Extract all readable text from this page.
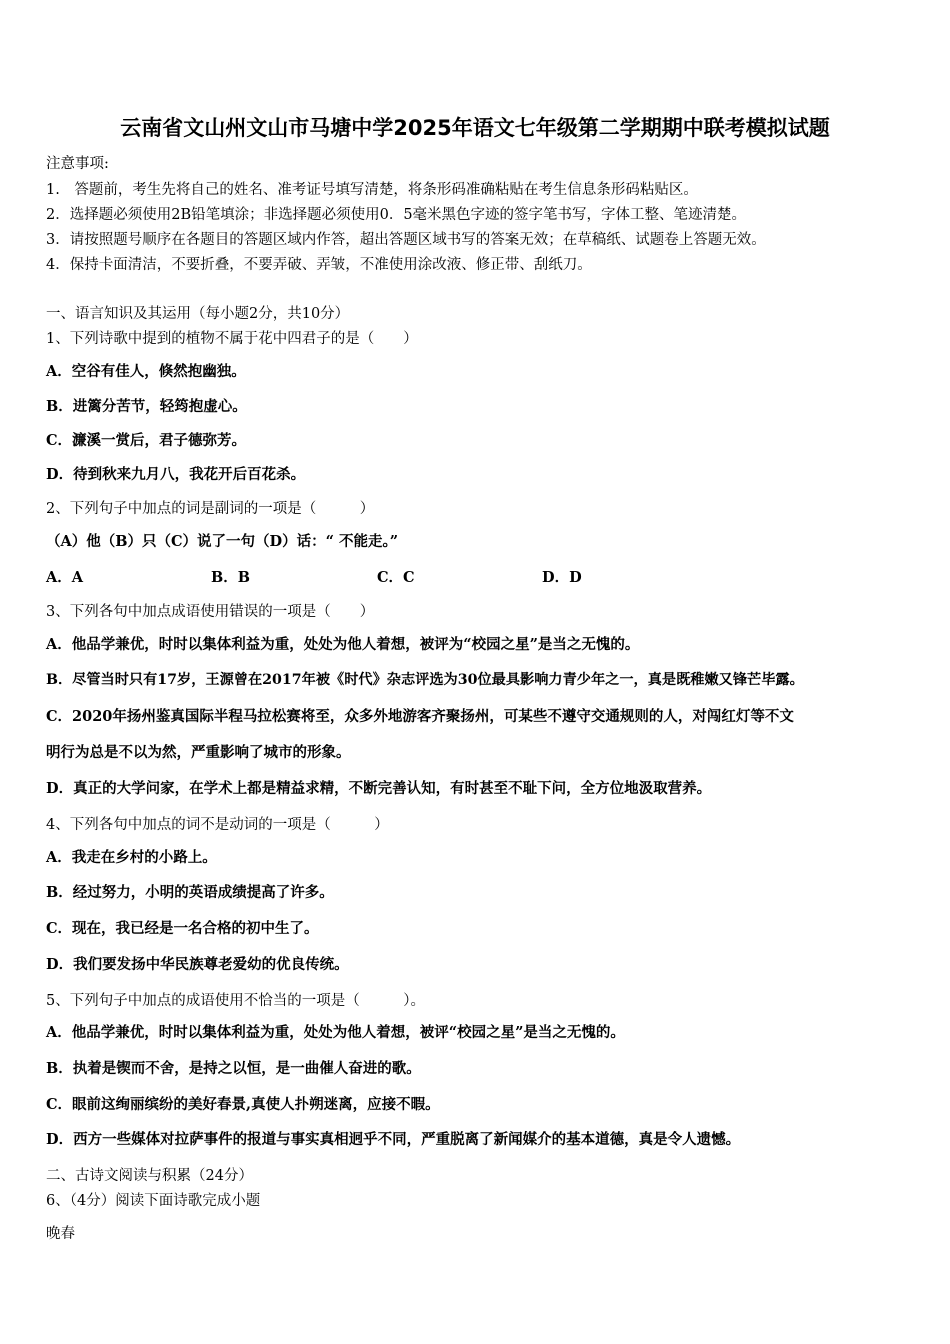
云南省文山州文山市马塘中学2025年语文七年级第二学期期中联考模拟试题
注意事项:
1.　答题前，考生先将自己的姓名、准考证号填写清楚，将条形码准确粘贴在考生信息条形码粘贴区。
2．选择题必须使用2B铅笔填涂；非选择题必须使用0．5毫米黑色字迹的签字笔书写，字体工整、笔迹清楚。
3．请按照题号顺序在各题目的答题区域内作答，超出答题区域书写的答案无效；在草稿纸、试题卷上答题无效。
4．保持卡面清洁，不要折叠，不要弄破、弄皱，不准使用涂改液、修正带、刮纸刀。
一、语言知识及其运用（每小题2分，共10分）
1、下列诗歌中提到的植物不属于花中四君子的是（　　）
A．空谷有佳人，倏然抱幽独。
B．进篱分苦节，轻筠抱虚心。
C．濂溪一赏后，君子德弥芳。
D．待到秋来九月八，我花开后百花杀。
2、下列句子中加点的词是副词的一项是（　　　）
（A）他（B）只（C）说了一句（D）话：“ 不能走。”
A．A	B．B	C．C	D．D
3、下列各句中加点成语使用错误的一项是（　　）
A．他品学兼优，时时以集体利益为重，处处为他人着想，被评为“校园之星”是当之无愧的。
B．尽管当时只有17岁，王源曾在2017年被《时代》杂志评选为30位最具影响力青少年之一，真是既稚嫩又锋芒毕露。
C．2020年扬州鉴真国际半程马拉松赛将至，众多外地游客齐聚扬州，可某些不遵守交通规则的人，对闯红灯等不文
明行为总是不以为然，严重影响了城市的形象。
D．真正的大学问家，在学术上都是精益求精，不断完善认知，有时甚至不耻下问，全方位地汲取营养。
4、下列各句中加点的词不是动词的一项是（　　　）
A．我走在乡村的小路上。
B．经过努力，小明的英语成绩提高了许多。
C．现在，我已经是一名合格的初中生了。
D．我们要发扬中华民族尊老爱幼的优良传统。
5、下列句子中加点的成语使用不恰当的一项是（　　　）。
A．他品学兼优，时时以集体利益为重，处处为他人着想，被评“校园之星”是当之无愧的。
B．执着是锲而不舍，是持之以恒，是一曲催人奋进的歌。
C．眼前这绚丽缤纷的美好春景,真使人扑朔迷离，应接不暇。
D．西方一些媒体对拉萨事件的报道与事实真相迥乎不同，严重脱离了新闻媒介的基本道德，真是令人遗憾。
二、古诗文阅读与积累（24分）
6、（4分）阅读下面诗歌完成小题
晚春
